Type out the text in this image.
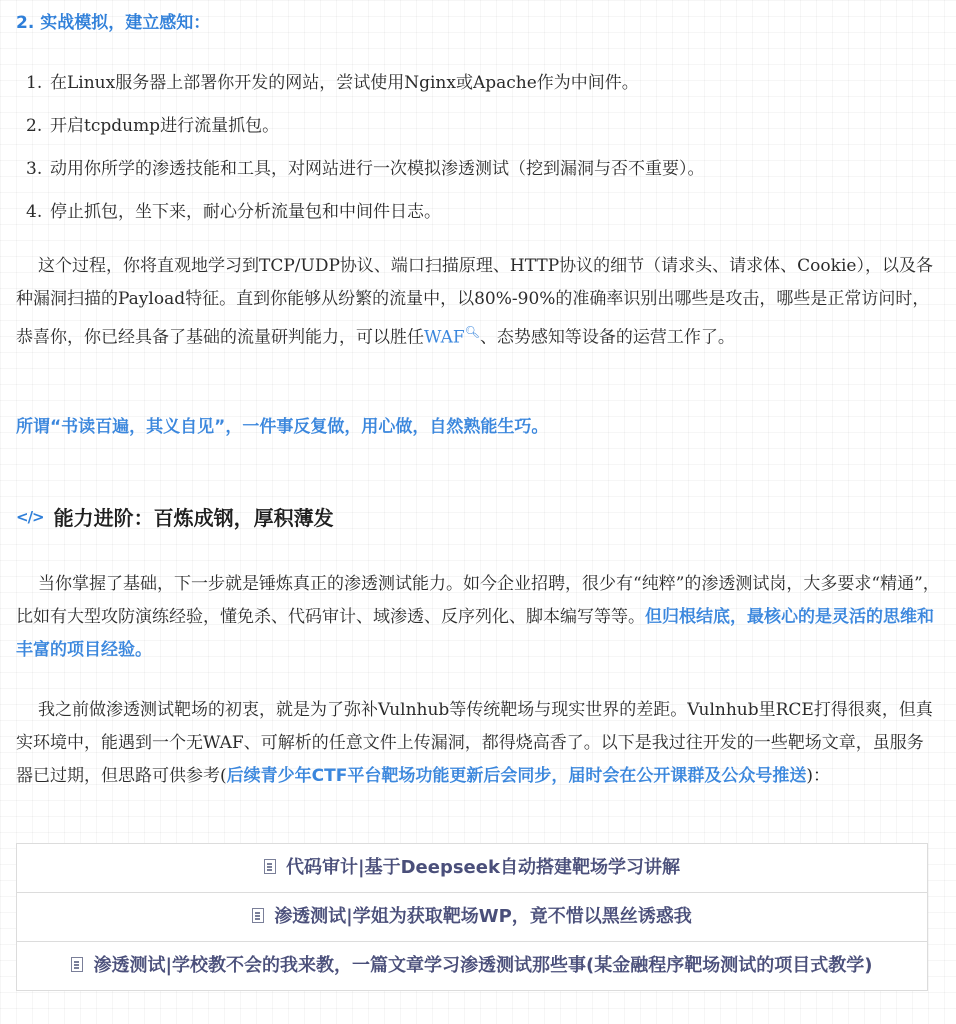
2. 实战模拟，建立感知：
1. 在Linux服务器上部署你开发的网站，尝试使用Nginx或Apache作为中间件。
2. 开启tcpdump进行流量抓包。
3. 动用你所学的渗透技能和工具，对网站进行一次模拟渗透测试（挖到漏洞与否不重要）。
4. 停止抓包，坐下来，耐心分析流量包和中间件日志。
这个过程，你将直观地学习到TCP/UDP协议、端口扫描原理、HTTP协议的细节（请求头、请求体、Cookie），以及各种漏洞扫描的Payload特征。直到你能够从纷繁的流量中，以80%-90%的准确率识别出哪些是攻击，哪些是正常访问时，恭喜你，你已经具备了基础的流量研判能力，可以胜任WAF🔍︎、态势感知等设备的运营工作了。
所谓“书读百遍，其义自见”，一件事反复做，用心做，自然熟能生巧。
</> 能力进阶：百炼成钢，厚积薄发
当你掌握了基础，下一步就是锤炼真正的渗透测试能力。如今企业招聘，很少有“纯粹”的渗透测试岗，大多要求“精通”，比如有大型攻防演练经验，懂免杀、代码审计、域渗透、反序列化、脚本编写等等。但归根结底，最核心的是灵活的思维和丰富的项目经验。
我之前做渗透测试靶场的初衷，就是为了弥补Vulnhub等传统靶场与现实世界的差距。Vulnhub里RCE打得很爽，但真实环境中，能遇到一个无WAF、可解析的任意文件上传漏洞，都得烧高香了。以下是我过往开发的一些靶场文章，虽服务器已过期，但思路可供参考(后续青少年CTF平台靶场功能更新后会同步，届时会在公开课群及公众号推送)：
代码审计|基于Deepseek自动搭建靶场学习讲解
渗透测试|学姐为获取靶场WP，竟不惜以黑丝诱惑我
渗透测试|学校教不会的我来教，一篇文章学习渗透测试那些事(某金融程序靶场测试的项目式教学)
